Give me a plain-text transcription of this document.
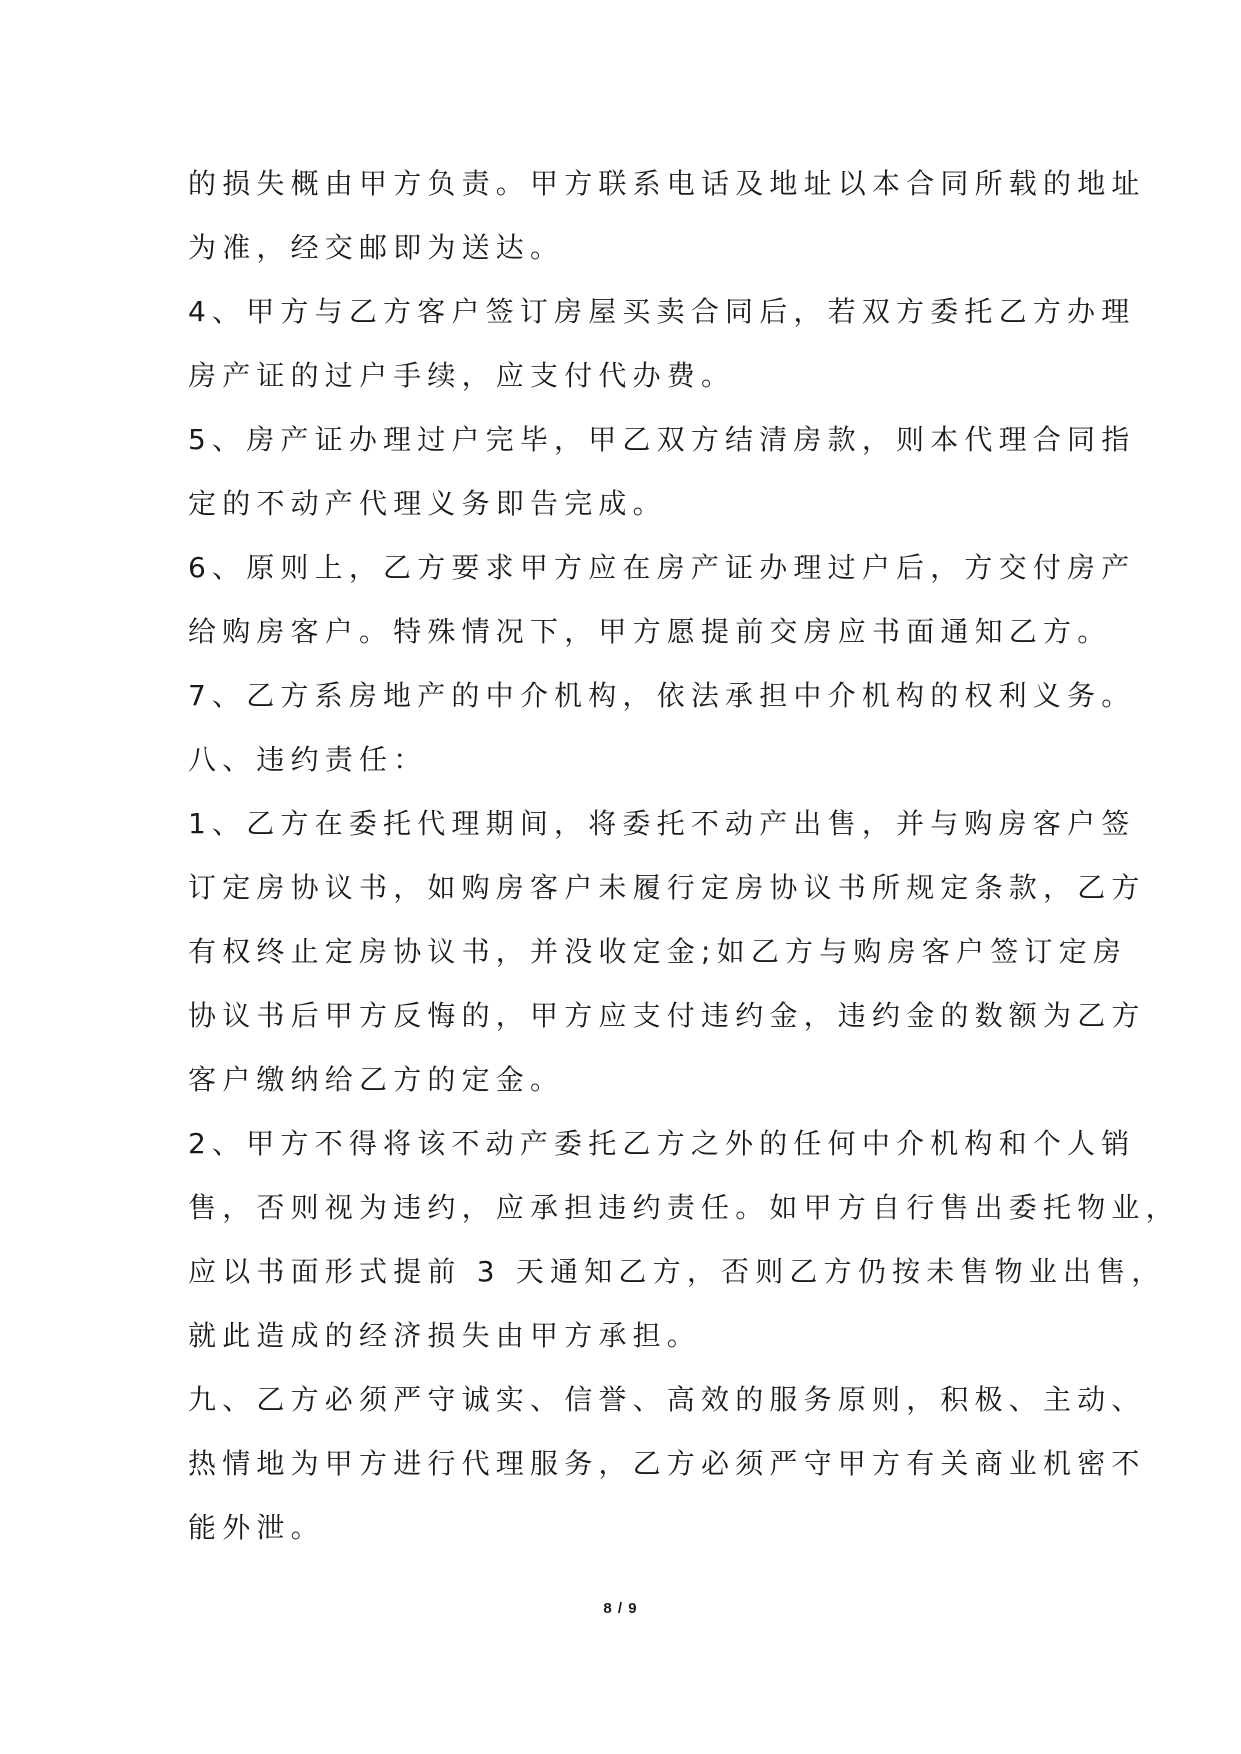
的损失概由甲方负责。甲方联系电话及地址以本合同所载的地址
为准，经交邮即为送达。
4、甲方与乙方客户签订房屋买卖合同后，若双方委托乙方办理
房产证的过户手续，应支付代办费。
5、房产证办理过户完毕，甲乙双方结清房款，则本代理合同指
定的不动产代理义务即告完成。
6、原则上，乙方要求甲方应在房产证办理过户后，方交付房产
给购房客户。特殊情况下，甲方愿提前交房应书面通知乙方。
7、乙方系房地产的中介机构，依法承担中介机构的权利义务。
八、违约责任：
1、乙方在委托代理期间，将委托不动产出售，并与购房客户签
订定房协议书，如购房客户未履行定房协议书所规定条款，乙方
有权终止定房协议书，并没收定金;如乙方与购房客户签订定房
协议书后甲方反悔的，甲方应支付违约金，违约金的数额为乙方
客户缴纳给乙方的定金。
2、甲方不得将该不动产委托乙方之外的任何中介机构和个人销
售，否则视为违约，应承担违约责任。如甲方自行售出委托物业，
应以书面形式提前 3 天通知乙方，否则乙方仍按未售物业出售，
就此造成的经济损失由甲方承担。
九、乙方必须严守诚实、信誉、高效的服务原则，积极、主动、
热情地为甲方进行代理服务，乙方必须严守甲方有关商业机密不
能外泄。
8 / 9
